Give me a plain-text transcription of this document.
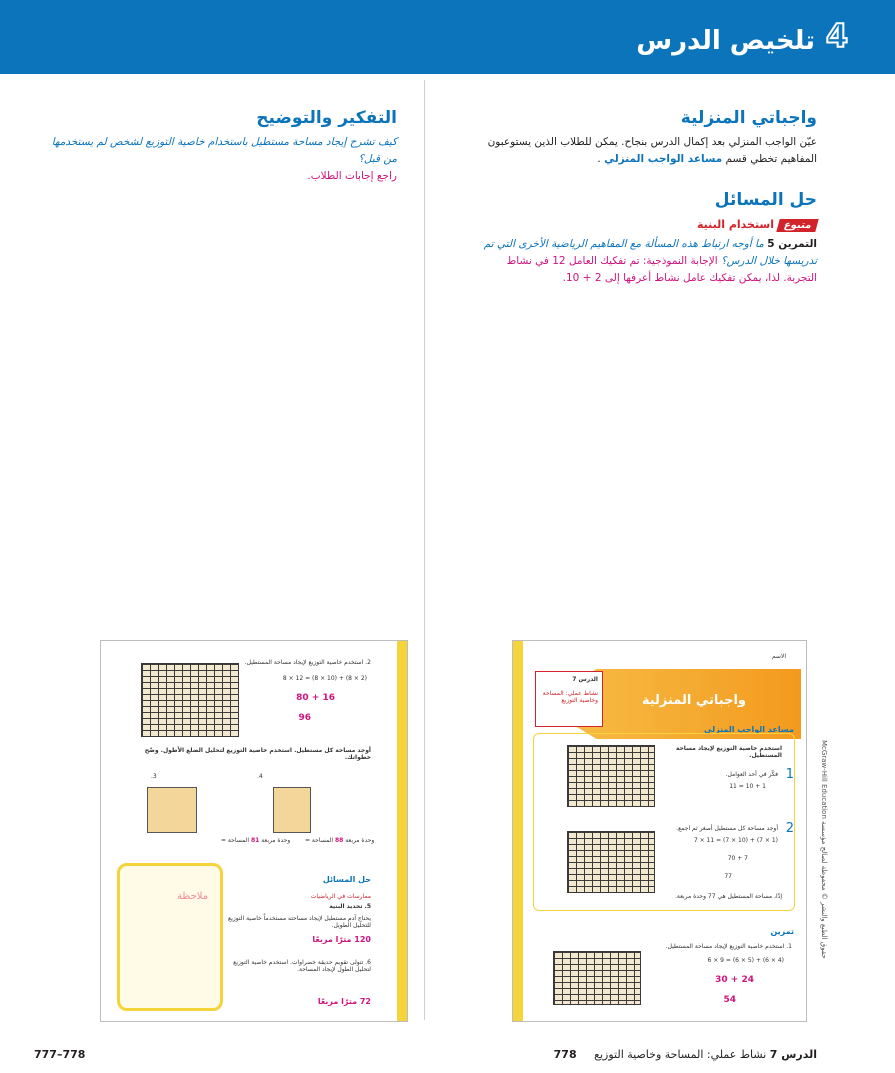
4
تلخيص الدرس
واجباتي المنزلية

عيّن الواجب المنزلي بعد إكمال الدرس بنجاح. يمكن للطلاب الذين يستوعبون المفاهيم تخطي قسم مساعد الواجب المنزلي .

حل المسائل
متبوع استخدام البنية

التمرين 5 ما أوجه ارتباط هذه المسألة مع المفاهيم الرياضية الأخرى التي تم تدريسها خلال الدرس؟ الإجابة النموذجية: تم تفكيك العامل 12 في نشاط التجربة. لذا، يمكن تفكيك عامل نشاط أعرفها إلى 2 + 10.

التفكير والتوضيح

كيف تشرح إيجاد مساحة مستطيل باستخدام خاصية التوزيع لشخص لم يستخدمها من قبل؟

راجع إجابات الطلاب.

الاسم
واجباتي المنزلية
الدرس 7
نشاط عملي: المساحة وخاصية التوزيع
مساعد الواجب المنزلي
استخدم خاصية التوزيع لإيجاد مساحة المستطيل.
1
فكّر في أحد العوامل.
11 = 10 + 1
2
أوجد مساحة كل مستطيل أصغر ثم اجمع.
7 × 11 = (7 × 10) + (7 × 1)
70 + 7
77
إذًا، مساحة المستطيل هي 77 وحدة مربعة.
تمرين
1. استخدم خاصية التوزيع لإيجاد مساحة المستطيل.
6 × 9 = (6 × 5) + (6 × 4)
30 + 24
54
حقوق الطبع والنشر © محفوظة لصالح مؤسسة McGraw-Hill Education
2. استخدم خاصية التوزيع لإيجاد مساحة المستطيل.
8 × 12 = (8 × 10) + (8 × 2)
80 + 16
96
أوجد مساحة كل مستطيل. استخدم خاصية التوزيع لتحليل الضلع الأطول. وضّح خطواتك.
3.	4.
وحدة مربعة 81 المساحة =	وحدة مربعة 88 المساحة =
حل المسائل
ملاحظة	ممارسات في الرياضيات
5. تحديد البنية
يحتاج آدم مستطيل لإيجاد مساحته مستخدماً خاصية التوزيع للتحليل الطويل.
120 مترًا مربعًا
6. تتولى تقويم حديقة خضراوات. استخدم خاصية التوزيع لتحليل الطول لإيجاد المساحة.
72 مترًا مربعًا
الدرس 7 نشاط عملي: المساحة وخاصية التوزيع 778
777–778
